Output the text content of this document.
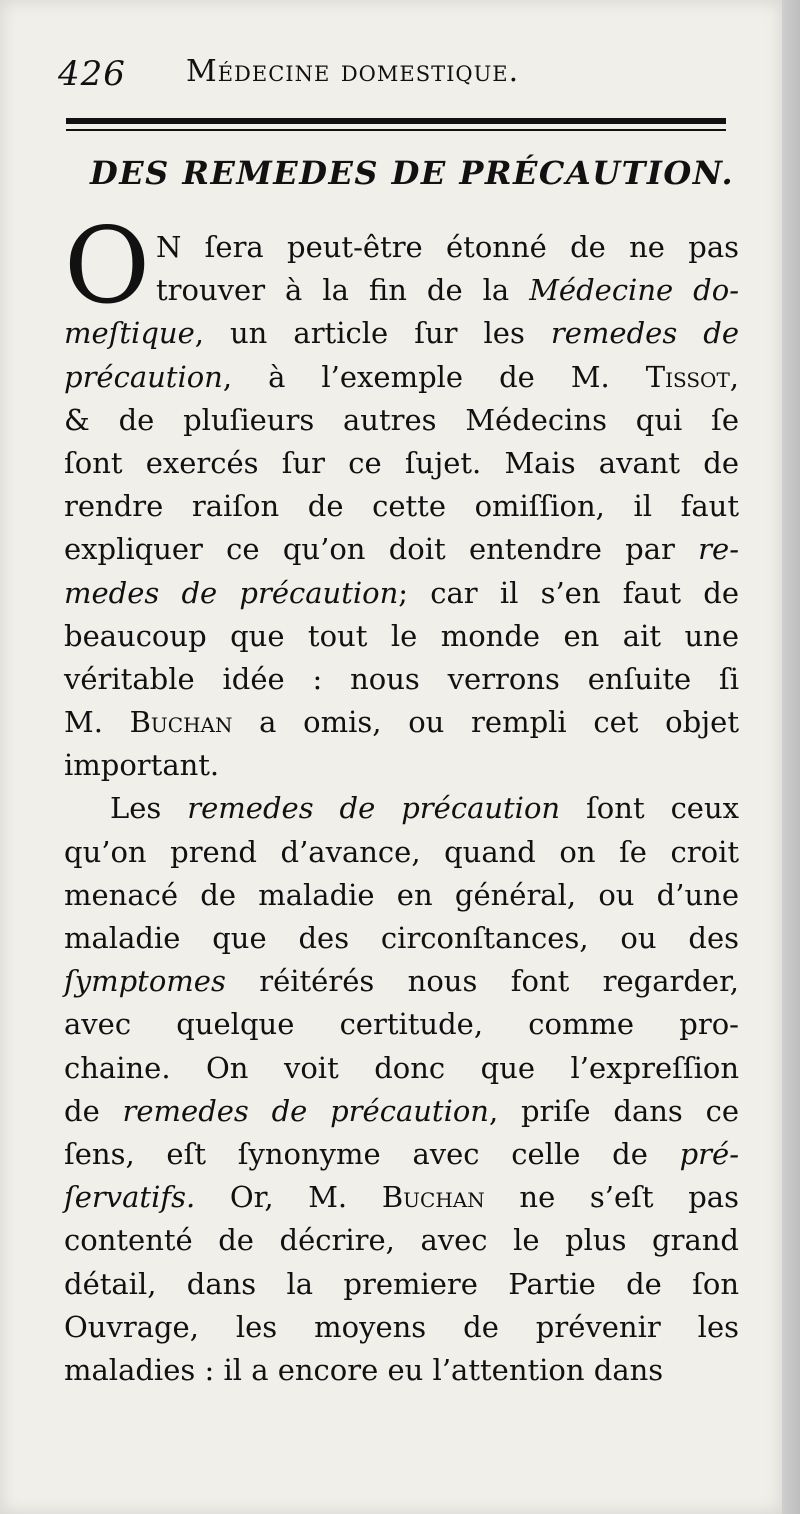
426 Médecine domestique.
DES REMEDES DE PRÉCAUTION.
O N ſera peut-être étonné de ne pas
trouver à la fin de la Médecine do-
meſtique, un article ſur les remedes de
précaution, à l’exemple de M. Tissot,
& de pluſieurs autres Médecins qui ſe
ſont exercés ſur ce ſujet. Mais avant de
rendre raiſon de cette omiſſion, il faut
expliquer ce qu’on doit entendre par re-
medes de précaution; car il s’en faut de
beaucoup que tout le monde en ait une
véritable idée : nous verrons enſuite ſi
M. Buchan a omis, ou rempli cet objet
important.
Les remedes de précaution ſont ceux
qu’on prend d’avance, quand on ſe croit
menacé de maladie en général, ou d’une
maladie que des circonſtances, ou des
ſymptomes réitérés nous font regarder,
avec quelque certitude, comme pro-
chaine. On voit donc que l’expreſſion
de remedes de précaution, priſe dans ce
ſens, eſt ſynonyme avec celle de pré-
ſervatifs. Or, M. Buchan ne s’eſt pas
contenté de décrire, avec le plus grand
détail, dans la premiere Partie de ſon
Ouvrage, les moyens de prévenir les
maladies : il a encore eu l’attention dans
